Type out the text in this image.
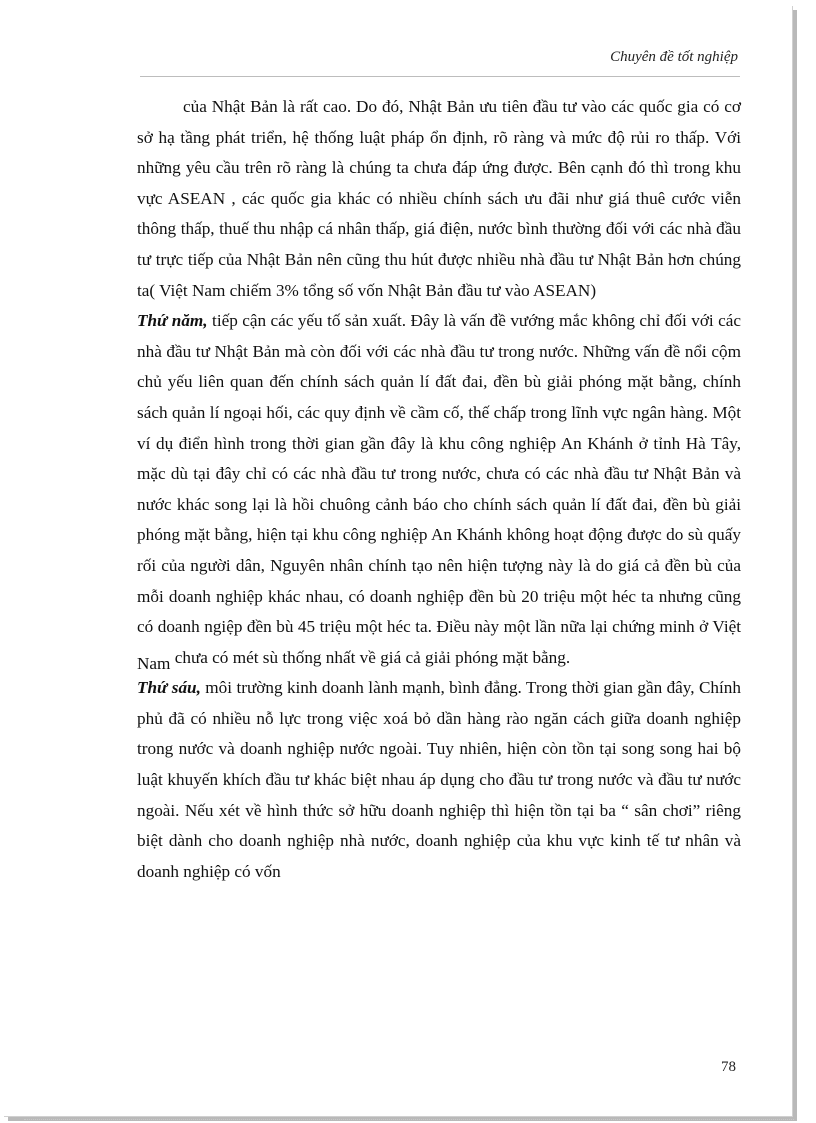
Chuyên đề tốt nghiệp

của Nhật Bản là rất cao. Do đó, Nhật Bản ưu tiên đầu tư vào các quốc gia có cơ sở hạ tầng phát triển, hệ thống luật pháp ổn định, rõ ràng và mức độ rủi ro thấp. Với những yêu cầu trên rõ ràng là chúng ta chưa đáp ứng được. Bên cạnh đó thì trong khu vực ASEAN , các quốc gia khác có nhiều chính sách ưu đãi như giá thuê cước viễn thông thấp, thuế thu nhập cá nhân thấp, giá điện, nước bình thường đối với các nhà đầu tư trực tiếp của Nhật Bản nên cũng thu hút được nhiều nhà đầu tư Nhật Bản hơn chúng ta( Việt Nam chiếm 3% tổng số vốn Nhật Bản đầu tư vào ASEAN)

Thứ năm, tiếp cận các yếu tố sản xuất. Đây là vấn đề vướng mắc không chỉ đối với các nhà đầu tư Nhật Bản mà còn đối với các nhà đầu tư trong nước. Những vấn đề nổi cộm chủ yếu liên quan đến chính sách quản lí đất đai, đền bù giải phóng mặt bằng, chính sách quản lí ngoại hối, các quy định về cầm cố, thế chấp trong lĩnh vực ngân hàng. Một ví dụ điển hình trong thời gian gần đây là khu công nghiệp An Khánh ở tỉnh Hà Tây, mặc dù tại đây chỉ có các nhà đầu tư trong nước, chưa có các nhà đầu tư Nhật Bản và nước khác song lại là hồi chuông cảnh báo cho chính sách quản lí đất đai, đền bù giải phóng mặt bằng, hiện tại khu công nghiệp An Khánh không hoạt động được do sù quấy rối của người dân, Nguyên nhân chính tạo nên hiện tượng này là do giá cả đền bù của mỗi doanh nghiệp khác nhau, có doanh nghiệp đền bù 20 triệu một héc ta nhưng cũng có doanh ngiệp đền bù 45 triệu một héc ta. Điều này một lần nữa lại chứng minh ở Việt Nam chưa có mét sù thống nhất về giá cả giải phóng mặt bằng.

Thứ sáu, môi trường kinh doanh lành mạnh, bình đẳng. Trong thời gian gần đây, Chính phủ đã có nhiều nỗ lực trong việc xoá bỏ dần hàng rào ngăn cách giữa doanh nghiệp trong nước và doanh nghiệp nước ngoài. Tuy nhiên, hiện còn tồn tại song song hai bộ luật khuyến khích đầu tư khác biệt nhau áp dụng cho đầu tư trong nước và đầu tư nước ngoài. Nếu xét về hình thức sở hữu doanh nghiệp thì hiện tồn tại ba “ sân chơi” riêng biệt dành cho doanh nghiệp nhà nước, doanh nghiệp của khu vực kinh tế tư nhân và doanh nghiệp có vốn

78
